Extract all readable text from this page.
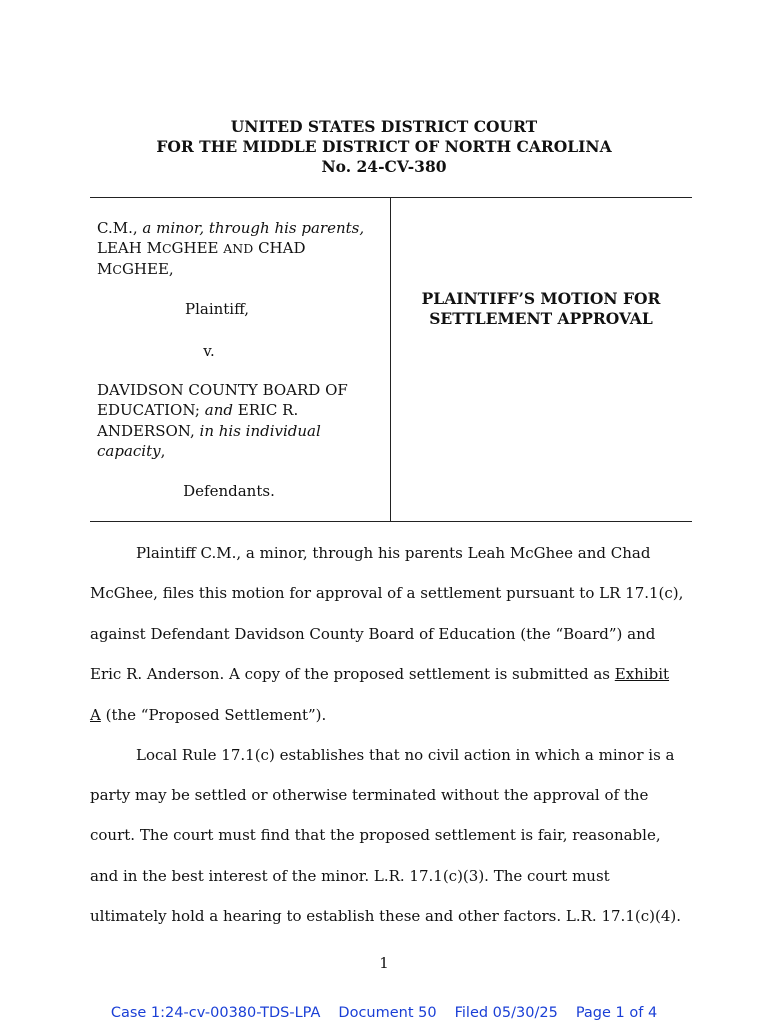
UNITED STATES DISTRICT COURT
FOR THE MIDDLE DISTRICT OF NORTH CAROLINA
No. 24-CV-380
C.M., a minor, through his parents,
LEAH MCGHEE AND CHAD
MCGHEE,
Plaintiff,
v.
DAVIDSON COUNTY BOARD OF
EDUCATION; and ERIC R.
ANDERSON, in his individual
capacity,
Defendants.
PLAINTIFF’S MOTION FOR
SETTLEMENT APPROVAL
Plaintiff C.M., a minor, through his parents Leah McGhee and Chad
McGhee, files this motion for approval of a settlement pursuant to LR 17.1(c),
against Defendant Davidson County Board of Education (the “Board”) and
Eric R. Anderson. A copy of the proposed settlement is submitted as Exhibit
A (the “Proposed Settlement”).
Local Rule 17.1(c) establishes that no civil action in which a minor is a
party may be settled or otherwise terminated without the approval of the
court. The court must find that the proposed settlement is fair, reasonable,
and in the best interest of the minor. L.R. 17.1(c)(3). The court must
ultimately hold a hearing to establish these and other factors. L.R. 17.1(c)(4).
1
Case 1:24-cv-00380-TDS-LPA Document 50 Filed 05/30/25 Page 1 of 4
